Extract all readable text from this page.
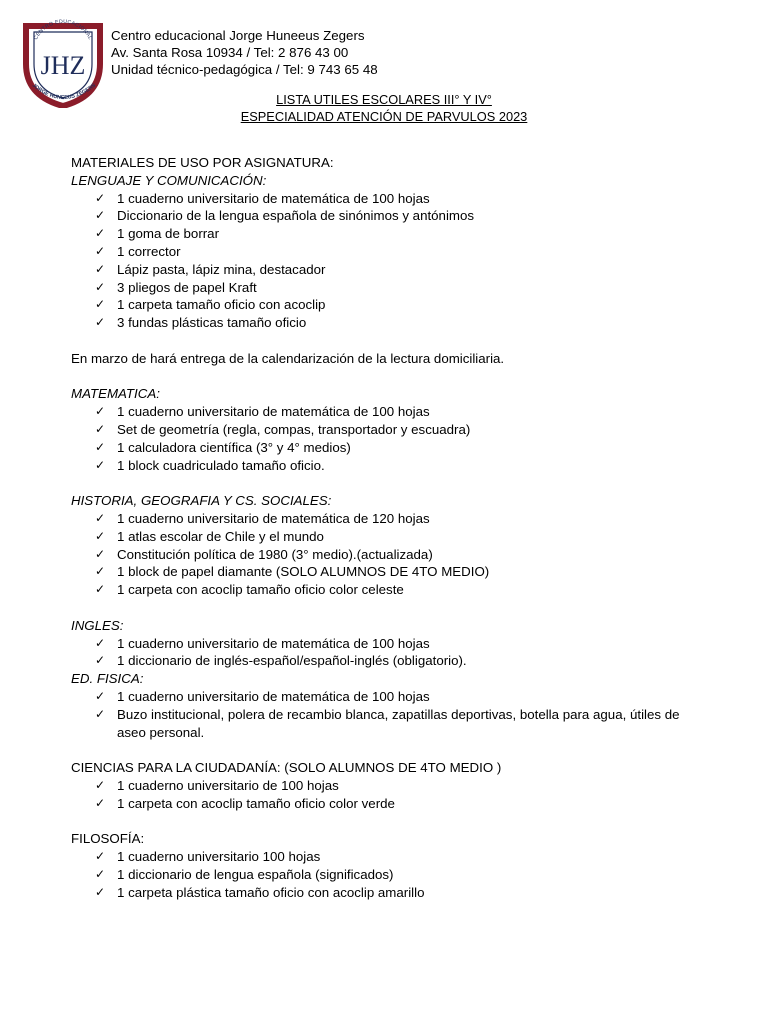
CENTRO EDUCACIONAL
JHZ
JORGE HUNEEUS ZEGERS
Centro educacional Jorge Huneeus Zegers
Av. Santa Rosa 10934 / Tel: 2 876 43 00
Unidad técnico-pedagógica / Tel: 9 743 65 48
LISTA UTILES ESCOLARES III° Y IV°
ESPECIALIDAD ATENCIÓN DE PARVULOS 2023
MATERIALES DE USO POR ASIGNATURA:
LENGUAJE Y COMUNICACIÓN:
✓ 1 cuaderno universitario de matemática de 100 hojas
✓ Diccionario de la lengua española de sinónimos y antónimos
✓ 1 goma de borrar
✓ 1 corrector
✓ Lápiz pasta, lápiz mina, destacador
✓ 3 pliegos de papel Kraft
✓ 1 carpeta tamaño oficio con acoclip
✓ 3 fundas plásticas tamaño oficio
En marzo de hará entrega de la calendarización de la lectura domiciliaria.
MATEMATICA:
✓ 1 cuaderno universitario de matemática de 100 hojas
✓ Set de geometría (regla, compas, transportador y escuadra)
✓ 1 calculadora científica (3° y 4° medios)
✓ 1 block cuadriculado tamaño oficio.
HISTORIA, GEOGRAFIA Y CS. SOCIALES:
✓ 1 cuaderno universitario de matemática de 120 hojas
✓ 1 atlas escolar de Chile y el mundo
✓ Constitución política de 1980 (3° medio).(actualizada)
✓ 1 block de papel diamante (SOLO ALUMNOS DE 4TO MEDIO)
✓ 1 carpeta con acoclip tamaño oficio color celeste
INGLES:
✓ 1 cuaderno universitario de matemática de 100 hojas
✓ 1 diccionario de inglés-español/español-inglés (obligatorio).
ED. FISICA:
✓ 1 cuaderno universitario de matemática de 100 hojas
✓ Buzo institucional, polera de recambio blanca, zapatillas deportivas, botella para agua, útiles de aseo personal.
CIENCIAS PARA LA CIUDADANÍA: (SOLO ALUMNOS DE 4TO MEDIO )
✓ 1 cuaderno universitario de 100 hojas
✓ 1 carpeta con acoclip tamaño oficio color verde
FILOSOFÍA:
✓ 1 cuaderno universitario 100 hojas
✓ 1 diccionario de lengua española (significados)
✓ 1 carpeta plástica tamaño oficio con acoclip amarillo
